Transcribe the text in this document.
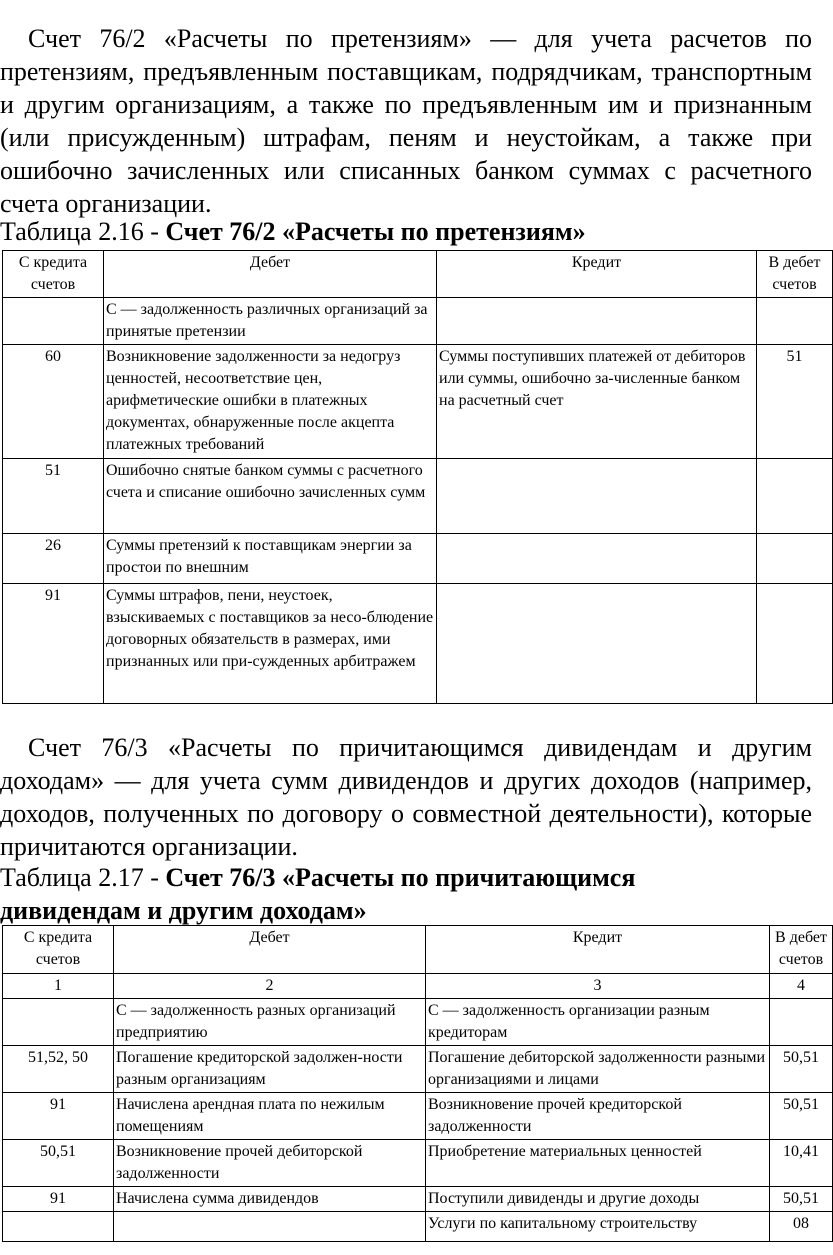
Счет 76/2 «Расчеты по претензиям» — для учета расчетов по претензиям, предъявленным поставщикам, подрядчикам, транспортным и другим организациям, а также по предъявленным им и признанным (или присужденным) штрафам, пеням и неустойкам, а также при ошибочно зачисленных или списанных банком суммах с расчетного счета организации.

Таблица 2.16 - Счет 76/2 «Расчеты по претензиям»

С кредита счетов	Дебет	Кредит	В дебет счетов
	С — задолженность различных организаций за принятые претензии		
60	Возникновение задолженности за недогруз ценностей, несоответствие цен, арифметические ошибки в платежных документах, обнаруженные после акцепта платежных требований	Суммы поступивших платежей от дебиторов или суммы, ошибочно за-численные банком на расчетный счет	51
51	Ошибочно снятые банком суммы с расчетного счета и списание ошибочно зачисленных сумм		
26	Суммы претензий к поставщикам энергии за простои по внешним		
91	Суммы штрафов, пени, неустоек, взыскиваемых с поставщиков за несо-блюдение договорных обязательств в размерах, ими признанных или при-сужденных арбитражем		

Счет 76/3 «Расчеты по причитающимся дивидендам и другим доходам» — для учета сумм дивидендов и других доходов (например, доходов, полученных по договору о совместной деятельности), которые причитаются организации.

Таблица 2.17 - Счет 76/3 «Расчеты по причитающимся дивидендам и другим доходам»

С кредита счетов	Дебет	Кредит	В дебет счетов
1	2	3	4
	С — задолженность разных организаций предприятию	С — задолженность организации разным кредиторам	
51,52, 50	Погашение кредиторской задолжен-ности разным организациям	Погашение дебиторской задолженности разными организациями и лицами	50,51
91	Начислена арендная плата по нежилым помещениям	Возникновение прочей кредиторской задолженности	50,51
50,51	Возникновение прочей дебиторской задолженности	Приобретение материальных ценностей	10,41
91	Начислена сумма дивидендов	Поступили дивиденды и другие доходы	50,51
		Услуги по капитальному строительству	08
